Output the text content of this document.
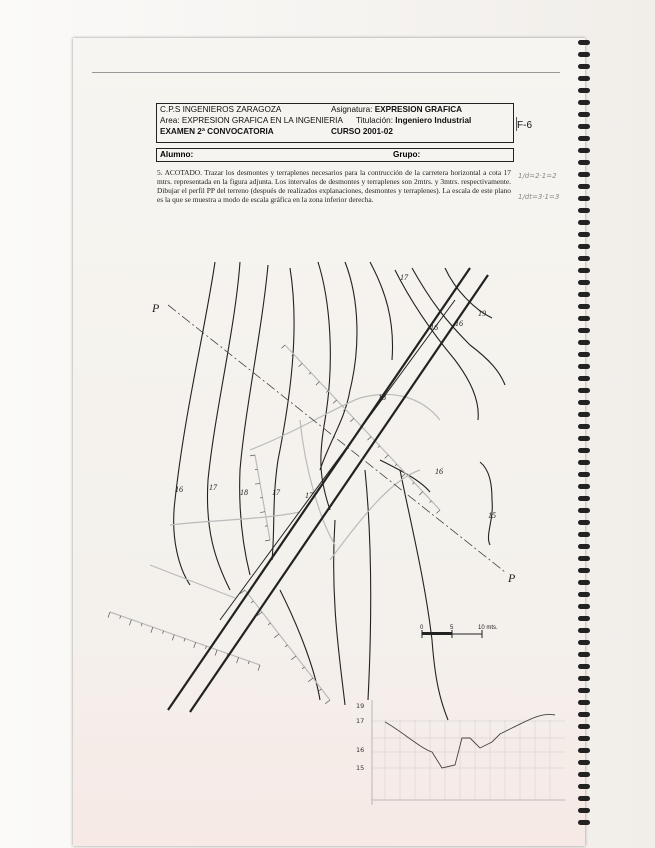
C.P.S INGENIEROS ZARAGOZA	Asignatura: EXPRESION GRAFICA
Area: EXPRESION GRAFICA EN LA INGENIERIA Titulación: Ingeniero Industrial
EXAMEN 2ª CONVOCATORIA	CURSO 2001-02
F-6
Alumno:	Grupo:
5. ACOTADO. Trazar los desmontes y terraplenes necesarios para la contrucción de la carretera horizontal a cota 17 mtrs. representada en la figura adjunta. Los intervalos de desmontes y terraplenes son 2mtrs. y 3mtrs. respectivamente. Dibujar el perfil PP del terreno (después de realizados explanaciones, desmontes y terraplenes). La escala de este plano es la que se muestra a modo de escala gráfica en la zona inferior derecha.
1/d=2·1=2
1/dt=3·1=3
P
P
17
16	17
18	17
18
16
15
16
19
16
17
0	5	10 mts.
19
17
16
15
